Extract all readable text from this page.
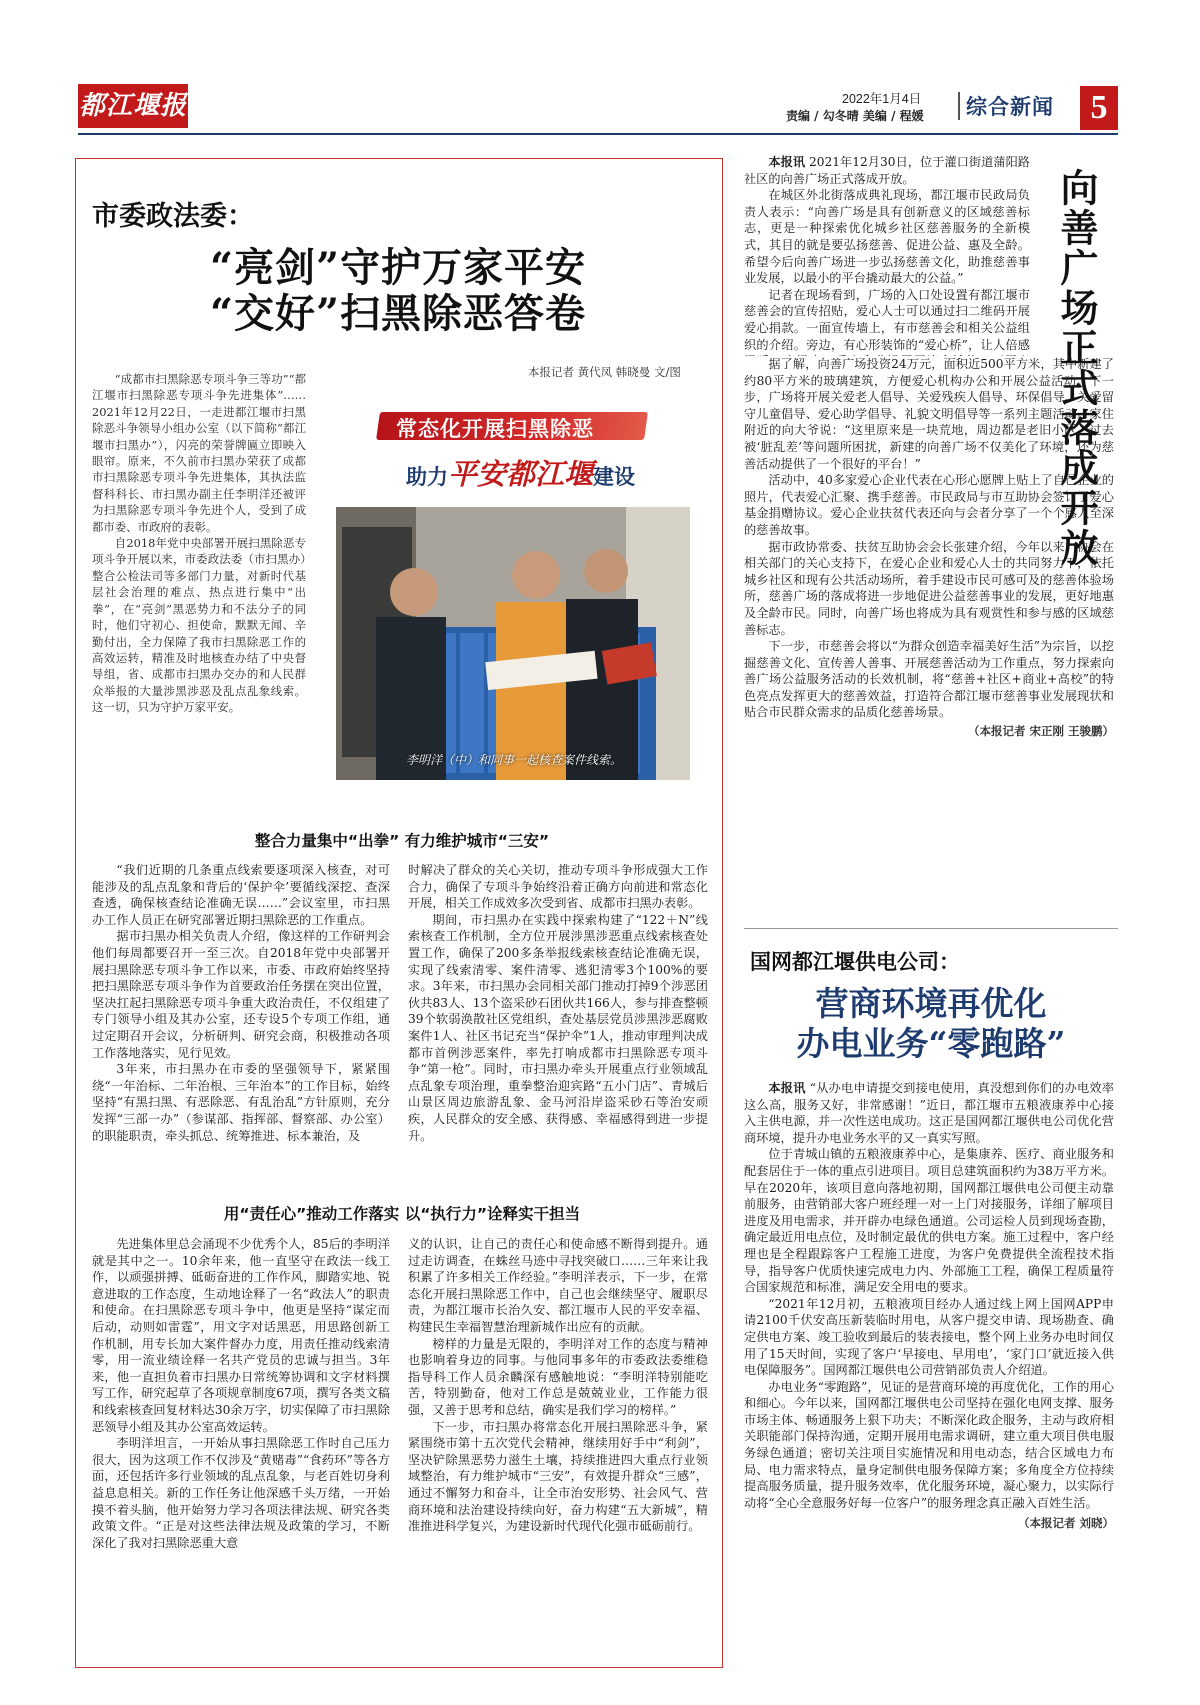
都江堰报	2022年1月4日
责编 / 勾冬晴 美编 / 程媛 综合新闻	5
市委政法委：
“亮剑”守护万家平安
“交好”扫黑除恶答卷
本报记者 黄代凤 韩晓曼 文/图

“成都市扫黑除恶专项斗争三等功”“都江堰市扫黑除恶专项斗争先进集体”……2021年12月22日，一走进都江堰市扫黑除恶斗争领导小组办公室（以下简称“都江堰市扫黑办”），闪亮的荣誉牌匾立即映入眼帘。原来，不久前市扫黑办荣获了成都市扫黑除恶专项斗争先进集体，其执法监督科科长、市扫黑办副主任李明洋还被评为扫黑除恶专项斗争先进个人，受到了成都市委、市政府的表彰。

自2018年党中央部署开展扫黑除恶专项斗争开展以来，市委政法委（市扫黑办）整合公检法司等多部门力量，对新时代基层社会治理的难点、热点进行集中“出拳”，在“亮剑”黑恶势力和不法分子的同时，他们守初心、担使命，默默无闻、辛勤付出，全力保障了我市扫黑除恶工作的高效运转，精准及时地核查办结了中央督导组，省、成都市扫黑办交办的和人民群众举报的大量涉黑涉恶及乱点乱象线索。这一切，只为守护万家平安。

常态化开展扫黑除恶
助力平安都江堰建设
李明洋（中）和同事一起核查案件线索。
整合力量集中“出拳” 有力维护城市“三安”

“我们近期的几条重点线索要逐项深入核查，对可能涉及的乱点乱象和背后的‘保护伞’要循线深挖、查深查透，确保核查结论准确无误……”会议室里，市扫黑办工作人员正在研究部署近期扫黑除恶的工作重点。

据市扫黑办相关负责人介绍，像这样的工作研判会他们每周都要召开一至三次。自2018年党中央部署开展扫黑除恶专项斗争工作以来，市委、市政府始终坚持把扫黑除恶专项斗争作为首要政治任务摆在突出位置，坚决扛起扫黑除恶专项斗争重大政治责任，不仅组建了专门领导小组及其办公室，还专设5个专项工作组，通过定期召开会议，分析研判、研究会商，积极推动各项工作落地落实，见行见效。

3年来，市扫黑办在市委的坚强领导下，紧紧围绕“一年治标、二年治根、三年治本”的工作目标，始终坚持“有黑扫黑、有恶除恶、有乱治乱”方针原则，充分发挥“三部一办”（参谋部、指挥部、督察部、办公室）的职能职责，牵头抓总、统筹推进、标本兼治，及

时解决了群众的关心关切，推动专项斗争形成强大工作合力，确保了专项斗争始终沿着正确方向前进和常态化开展，相关工作成效多次受到省、成都市扫黑办表彰。

期间，市扫黑办在实践中探索构建了“122＋N”线索核查工作机制，全方位开展涉黑涉恶重点线索核查处置工作，确保了200多条举报线索核查结论准确无误，实现了线索清零、案件清零、逃犯清零3个100%的要求。3年来，市扫黑办会同相关部门推动打掉9个涉恶团伙共83人、13个盗采砂石团伙共166人，参与排查整顿39个软弱涣散社区党组织，查处基层党员涉黑涉恶腐败案件1人、社区书记充当“保护伞”1人，推动审理判决成都市首例涉恶案件，率先打响成都市扫黑除恶专项斗争“第一枪”。同时，市扫黑办牵头开展重点行业领域乱点乱象专项治理，重拳整治迎宾路“五小门店”、青城后山景区周边旅游乱象、金马河沿岸盗采砂石等治安顽疾，人民群众的安全感、获得感、幸福感得到进一步提升。

用“责任心”推动工作落实 以“执行力”诠释实干担当

先进集体里总会涌现不少优秀个人，85后的李明洋就是其中之一。10余年来，他一直坚守在政法一线工作，以顽强拼搏、砥砺奋进的工作作风，脚踏实地、锐意进取的工作态度，生动地诠释了一名“政法人”的职责和使命。在扫黑除恶专项斗争中，他更是坚持“谋定而后动，动则如雷霆”，用文字对话黑恶，用思路创新工作机制，用专长加大案件督办力度，用责任推动线索清零，用一流业绩诠释一名共产党员的忠诚与担当。3年来，他一直担负着市扫黑办日常统筹协调和文字材料撰写工作，研究起草了各项规章制度67项，撰写各类文稿和线索核查回复材料达30余万字，切实保障了市扫黑除恶领导小组及其办公室高效运转。

李明洋坦言，一开始从事扫黑除恶工作时自己压力很大，因为这项工作不仅涉及“黄赌毒”“食药环”等各方面，还包括许多行业领域的乱点乱象，与老百姓切身利益息息相关。新的工作任务让他深感千头万绪，一开始摸不着头脑，他开始努力学习各项法律法规、研究各类政策文件。“正是对这些法律法规及政策的学习，不断深化了我对扫黑除恶重大意

义的认识，让自己的责任心和使命感不断得到提升。通过走访调查，在蛛丝马迹中寻找突破口……三年来让我积累了许多相关工作经验。”李明洋表示，下一步，在常态化开展扫黑除恶工作中，自己也会继续坚守、履职尽责，为都江堰市长治久安、都江堰市人民的平安幸福、构建民生幸福智慧治理新城作出应有的贡献。

榜样的力量是无限的，李明洋对工作的态度与精神也影响着身边的同事。与他同事多年的市委政法委维稳指导科工作人员余麟深有感触地说：“李明洋特别能吃苦，特别勤奋，他对工作总是兢兢业业，工作能力很强，又善于思考和总结，确实是我们学习的榜样。”

下一步，市扫黑办将常态化开展扫黑除恶斗争，紧紧围绕市第十五次党代会精神，继续用好手中“利剑”，坚决铲除黑恶势力滋生土壤，持续推进四大重点行业领域整治，有力维护城市“三安”，有效提升群众“三感”，通过不懈努力和奋斗，让全市治安形势、社会风气、营商环境和法治建设持续向好，奋力构建“五大新城”，精准推进科学复兴，为建设新时代现代化强市砥砺前行。

向善广场正式落成开放

本报讯 2021年12月30日，位于灌口街道蒲阳路社区的向善广场正式落成开放。

在城区外北街落成典礼现场，都江堰市民政局负责人表示：“向善广场是具有创新意义的区域慈善标志，更是一种探索优化城乡社区慈善服务的全新模式，其目的就是要弘扬慈善、促进公益、惠及全龄。希望今后向善广场进一步弘扬慈善文化，助推慈善事业发展，以最小的平台撬动最大的公益。”

记者在现场看到，广场的入口处设置有都江堰市慈善会的宣传招贴，爱心人士可以通过扫二维码开展爱心捐款。一面宣传墙上，有市慈善会和相关公益组织的介绍。旁边，有心形装饰的“爱心桥”，让人倍感

据了解，向善广场投资24万元，面积近500平方米，其中新建了约80平方米的玻璃建筑，方便爱心机构办公和开展公益活动。下一步，广场将开展关爱老人倡导、关爱残疾人倡导、环保倡导、关爱留守儿童倡导、爱心助学倡导、礼貌文明倡导等一系列主题活动。家住附近的向大爷说：“这里原来是一块荒地，周边都是老旧小区，过去被‘脏乱差’等问题所困扰，新建的向善广场不仅美化了环境，还为慈善活动提供了一个很好的平台！”

活动中，40多家爱心企业代表在心形心愿牌上贴上了自己企业的照片，代表爱心汇聚、携手慈善。市民政局与市互助协会签订了爱心基金捐赠协议。爱心企业扶贫代表还向与会者分享了一个个感人至深的慈善故事。

据市政协常委、扶贫互助协会会长张建介绍，今年以来，协会在相关部门的关心支持下，在爱心企业和爱心人士的共同努力下，依托城乡社区和现有公共活动场所，着手建设市民可感可及的慈善体验场所，慈善广场的落成将进一步地促进公益慈善事业的发展，更好地惠及全龄市民。同时，向善广场也将成为具有观赏性和参与感的区域慈善标志。

下一步，市慈善会将以“为群众创造幸福美好生活”为宗旨，以挖掘慈善文化、宣传善人善事、开展慈善活动为工作重点，努力探索向善广场公益服务活动的长效机制，将“慈善+社区+商业+高校”的特色亮点发挥更大的慈善效益，打造符合都江堰市慈善事业发展现状和贴合市民群众需求的品质化慈善场景。

（本报记者 宋正刚 王骏鹏）
国网都江堰供电公司：
营商环境再优化
办电业务“零跑路”

本报讯 “从办电申请提交到接电使用，真没想到你们的办电效率这么高，服务又好，非常感谢！”近日，都江堰市五粮液康养中心接入主供电源，并一次性送电成功。这正是国网都江堰供电公司优化营商环境，提升办电业务水平的又一真实写照。

位于青城山镇的五粮液康养中心，是集康养、医疗、商业服务和配套居住于一体的重点引进项目。项目总建筑面积约为38万平方米。早在2020年，该项目意向落地初期，国网都江堰供电公司便主动靠前服务，由营销部大客户班经理一对一上门对接服务，详细了解项目进度及用电需求，并开辟办电绿色通道。公司运检人员到现场查勘，确定最近用电点位，及时制定最优的供电方案。施工过程中，客户经理也是全程跟踪客户工程施工进度，为客户免费提供全流程技术指导，指导客户优质快速完成电力内、外部施工工程，确保工程质量符合国家规范和标准，满足安全用电的要求。

“2021年12月初，五粮液项目经办人通过线上网上国网APP申请2100千伏安高压新装临时用电，从客户提交申请、现场勘查、确定供电方案、竣工验收到最后的装表接电，整个网上业务办电时间仅用了15天时间，实现了客户‘早接电、早用电’，‘家门口’就近接入供电保障服务”。国网都江堰供电公司营销部负责人介绍道。

办电业务“零跑路”，见证的是营商环境的再度优化，工作的用心和细心。今年以来，国网都江堰供电公司坚持在强化电网支撑、服务市场主体、畅通服务上狠下功夫；不断深化政企服务，主动与政府相关职能部门保持沟通，定期开展用电需求调研，建立重大项目供电服务绿色通道；密切关注项目实施情况和用电动态，结合区域电力布局、电力需求特点，量身定制供电服务保障方案；多角度全方位持续提高服务质量，提升服务效率，优化服务环境，凝心聚力，以实际行动将“全心全意服务好每一位客户”的服务理念真正融入百姓生活。

（本报记者 刘晓）
